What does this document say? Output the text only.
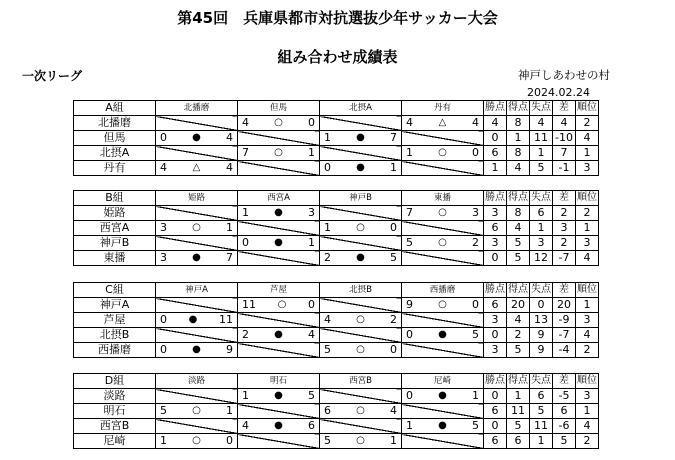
第45回　兵庫県都市対抗選抜少年サッカー大会
組み合わせ成績表
一次リーグ	神戸しあわせの村
2024.02.24
A組	北播磨	但馬	北摂A	丹有	勝点	得点	失点	差	順位
北播磨		4 ○ 0		4 △ 4	4	8	4	4	2
但馬	0 ● 4		1 ● 7		0	1	11	-10	4
北摂A		7 ○ 1		1 ○ 0	6	8	1	7	1
丹有	4 △ 4		0 ● 1		1	4	5	-1	3
B組	姫路	西宮A	神戸B	東播	勝点	得点	失点	差	順位
姫路		1 ● 3		7 ○ 3	3	8	6	2	2
西宮A	3 ○ 1		1 ○ 0		6	4	1	3	1
神戸B		0 ● 1		5 ○ 2	3	5	3	2	3
東播	3 ● 7		2 ● 5		0	5	12	-7	4
C組	神戸A	芦屋	北摂B	西播磨	勝点	得点	失点	差	順位
神戸A		11 ○ 0		9 ○ 0	6	20	0	20	1
芦屋	0 ● 11		4 ○ 2		3	4	13	-9	3
北摂B		2 ● 4		0 ● 5	0	2	9	-7	4
西播磨	0 ● 9		5 ○ 0		3	5	9	-4	2
D組	淡路	明石	西宮B	尼崎	勝点	得点	失点	差	順位
淡路		1 ● 5		0 ● 1	0	1	6	-5	3
明石	5 ○ 1		6 ○ 4		6	11	5	6	1
西宮B		4 ● 6		1 ● 5	0	5	11	-6	4
尼崎	1 ○ 0		5 ○ 1		6	6	1	5	2
